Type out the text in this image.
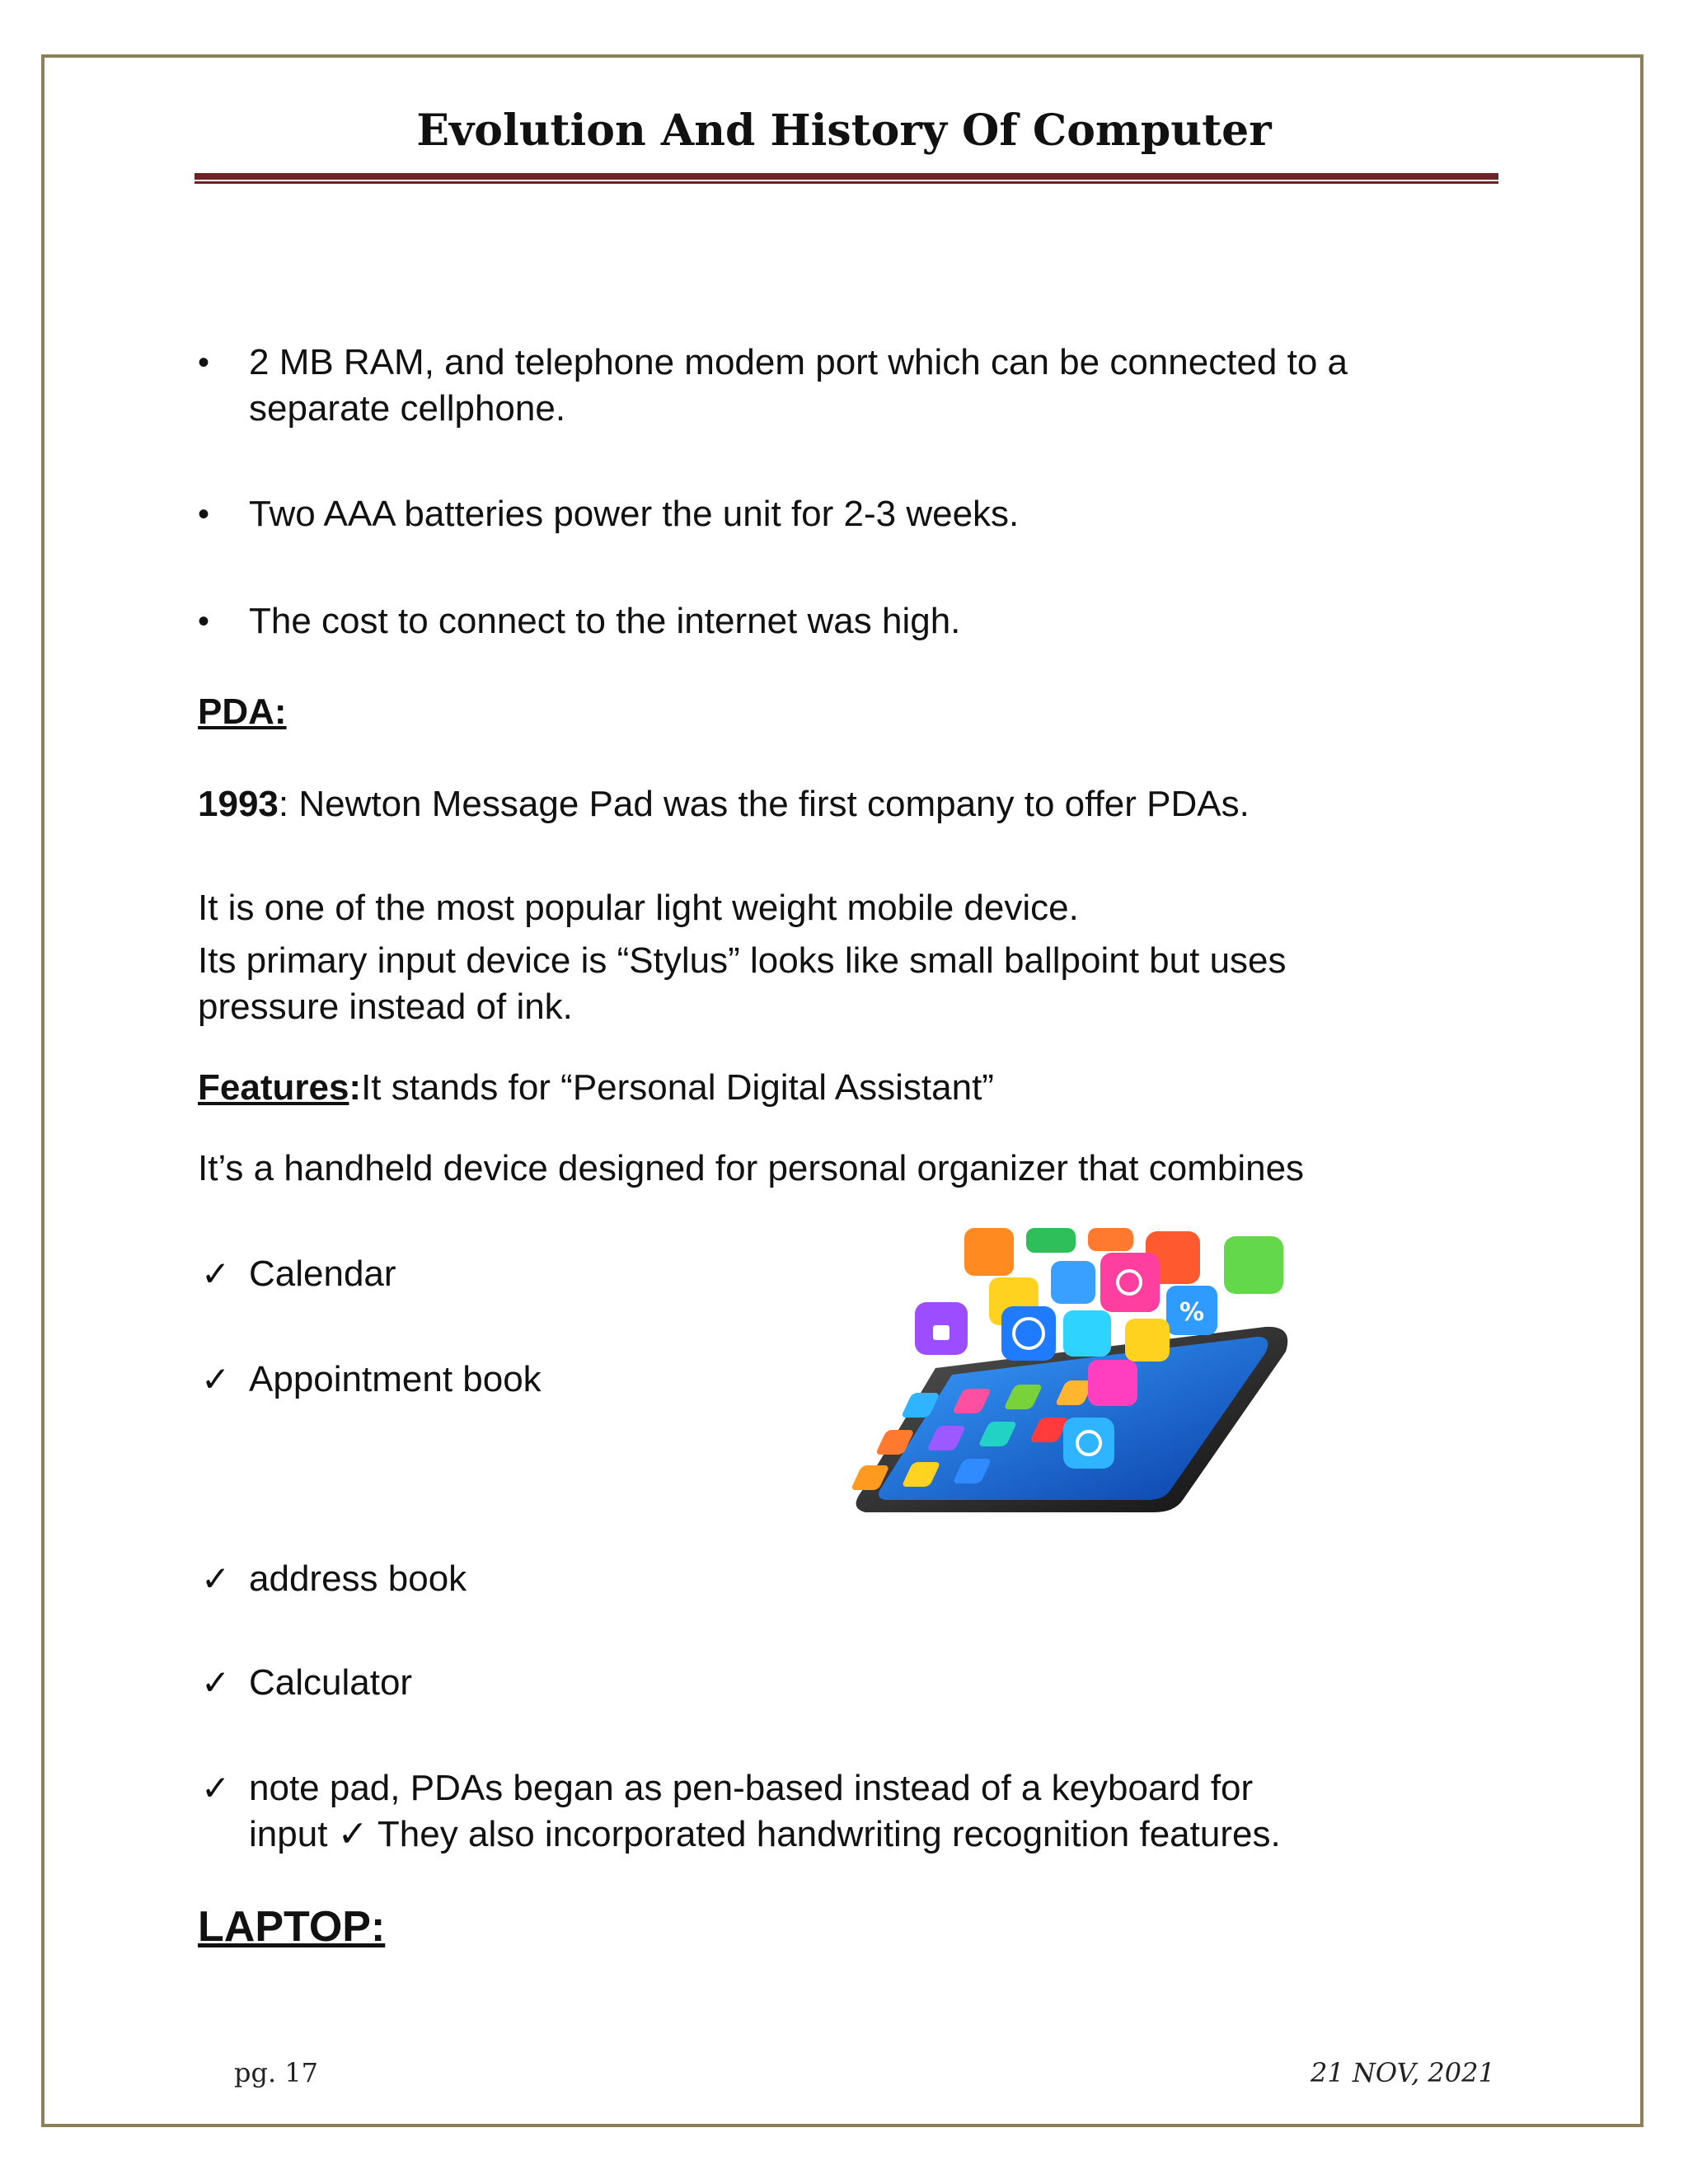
Evolution And History Of Computer
• 2 MB RAM, and telephone modem port which can be connected to a
separate cellphone.
• Two AAA batteries power the unit for 2-3 weeks.
• The cost to connect to the internet was high.
PDA:
1993: Newton Message Pad was the first company to offer PDAs.
It is one of the most popular light weight mobile device.
Its primary input device is “Stylus” looks like small ballpoint but uses
pressure instead of ink.
Features:It stands for “Personal Digital Assistant”
It’s a handheld device designed for personal organizer that combines
✓ Calendar
✓ Appointment book
✓ address book
✓ Calculator
✓ note pad, PDAs began as pen-based instead of a keyboard for
input ✓ They also incorporated handwriting recognition features.
LAPTOP:
%
pg. 17	21 NOV, 2021
